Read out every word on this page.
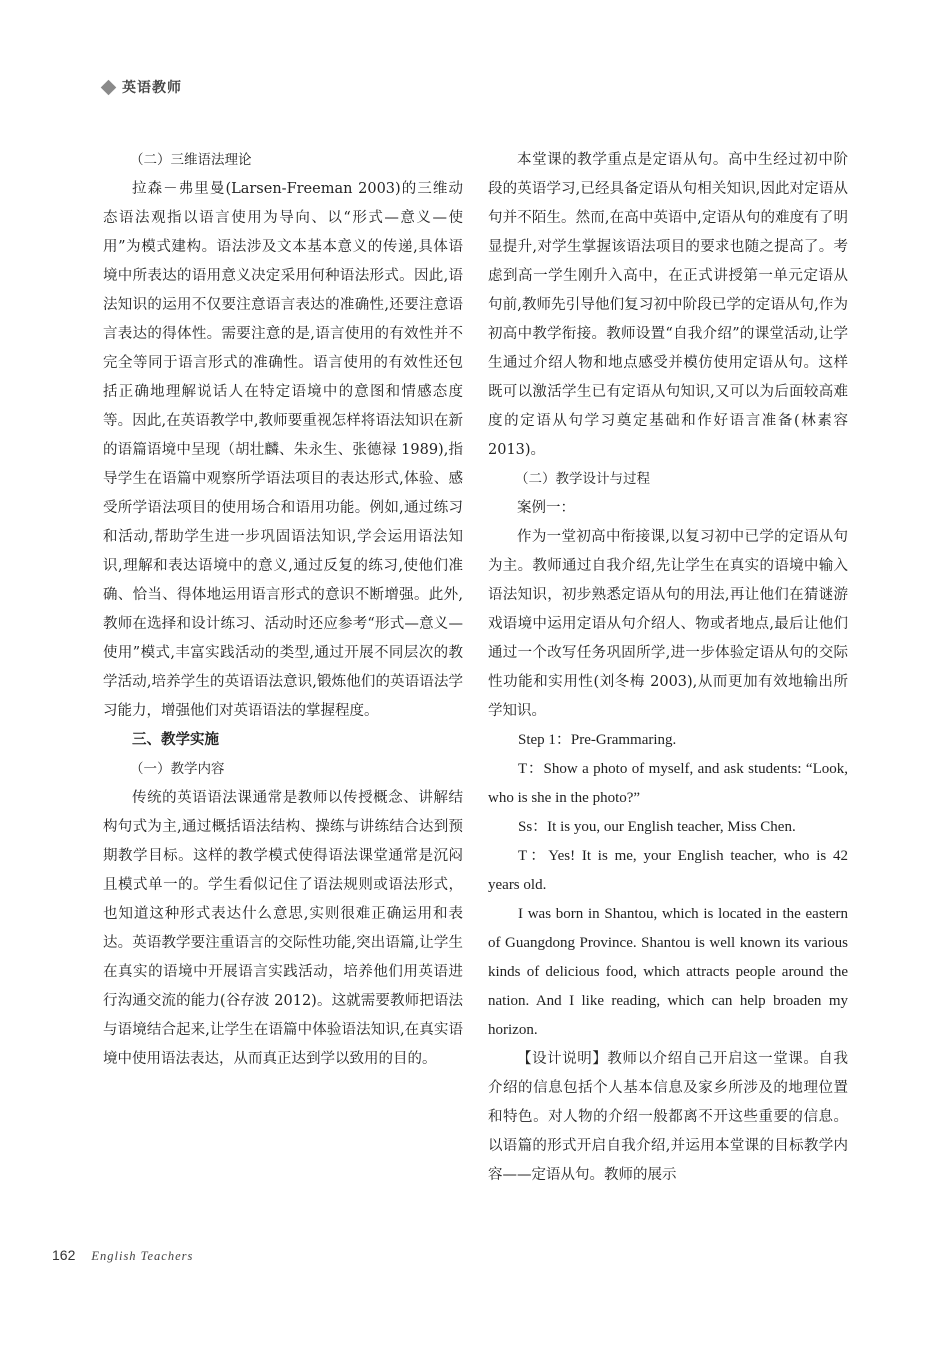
英语教师

（二）三维语法理论

拉森－弗里曼(Larsen-Freeman 2003)的三维动态语法观指以语言使用为导向、以“形式—意义—使用”为模式建构。语法涉及文本基本意义的传递,具体语境中所表达的语用意义决定采用何种语法形式。因此,语法知识的运用不仅要注意语言表达的准确性,还要注意语言表达的得体性。需要注意的是,语言使用的有效性并不完全等同于语言形式的准确性。语言使用的有效性还包括正确地理解说话人在特定语境中的意图和情感态度等。因此,在英语教学中,教师要重视怎样将语法知识在新的语篇语境中呈现（胡壮麟、朱永生、张德禄 1989),指导学生在语篇中观察所学语法项目的表达形式,体验、感受所学语法项目的使用场合和语用功能。例如,通过练习和活动,帮助学生进一步巩固语法知识,学会运用语法知识,理解和表达语境中的意义,通过反复的练习,使他们准确、恰当、得体地运用语言形式的意识不断增强。此外,教师在选择和设计练习、活动时还应参考“形式—意义—使用”模式,丰富实践活动的类型,通过开展不同层次的教学活动,培养学生的英语语法意识,锻炼他们的英语语法学习能力，增强他们对英语语法的掌握程度。

三、教学实施

（一）教学内容

传统的英语语法课通常是教师以传授概念、讲解结构句式为主,通过概括语法结构、操练与讲练结合达到预期教学目标。这样的教学模式使得语法课堂通常是沉闷且模式单一的。学生看似记住了语法规则或语法形式，也知道这种形式表达什么意思,实则很难正确运用和表达。英语教学要注重语言的交际性功能,突出语篇,让学生在真实的语境中开展语言实践活动，培养他们用英语进行沟通交流的能力(谷存波 2012)。这就需要教师把语法与语境结合起来,让学生在语篇中体验语法知识,在真实语境中使用语法表达，从而真正达到学以致用的目的。

本堂课的教学重点是定语从句。高中生经过初中阶段的英语学习,已经具备定语从句相关知识,因此对定语从句并不陌生。然而,在高中英语中,定语从句的难度有了明显提升,对学生掌握该语法项目的要求也随之提高了。考虑到高一学生刚升入高中，在正式讲授第一单元定语从句前,教师先引导他们复习初中阶段已学的定语从句,作为初高中教学衔接。教师设置“自我介绍”的课堂活动,让学生通过介绍人物和地点感受并模仿使用定语从句。这样既可以激活学生已有定语从句知识,又可以为后面较高难度的定语从句学习奠定基础和作好语言准备(林素容 2013)。

（二）教学设计与过程

案例一：

作为一堂初高中衔接课,以复习初中已学的定语从句为主。教师通过自我介绍,先让学生在真实的语境中输入语法知识，初步熟悉定语从句的用法,再让他们在猜谜游戏语境中运用定语从句介绍人、物或者地点,最后让他们通过一个改写任务巩固所学,进一步体验定语从句的交际性功能和实用性(刘冬梅 2003),从而更加有效地输出所学知识。

Step 1：Pre-Grammaring.

T：Show a photo of myself, and ask students: “Look, who is she in the photo?”

Ss：It is you, our English teacher, Miss Chen.

T：Yes! It is me, your English teacher, who is 42 years old.

I was born in Shantou, which is located in the eastern of Guangdong Province. Shantou is well known its various kinds of delicious food, which attracts people around the nation. And I like reading, which can help broaden my horizon.

【设计说明】教师以介绍自己开启这一堂课。自我介绍的信息包括个人基本信息及家乡所涉及的地理位置和特色。对人物的介绍一般都离不开这些重要的信息。以语篇的形式开启自我介绍,并运用本堂课的目标教学内容——定语从句。教师的展示

162 English Teachers
